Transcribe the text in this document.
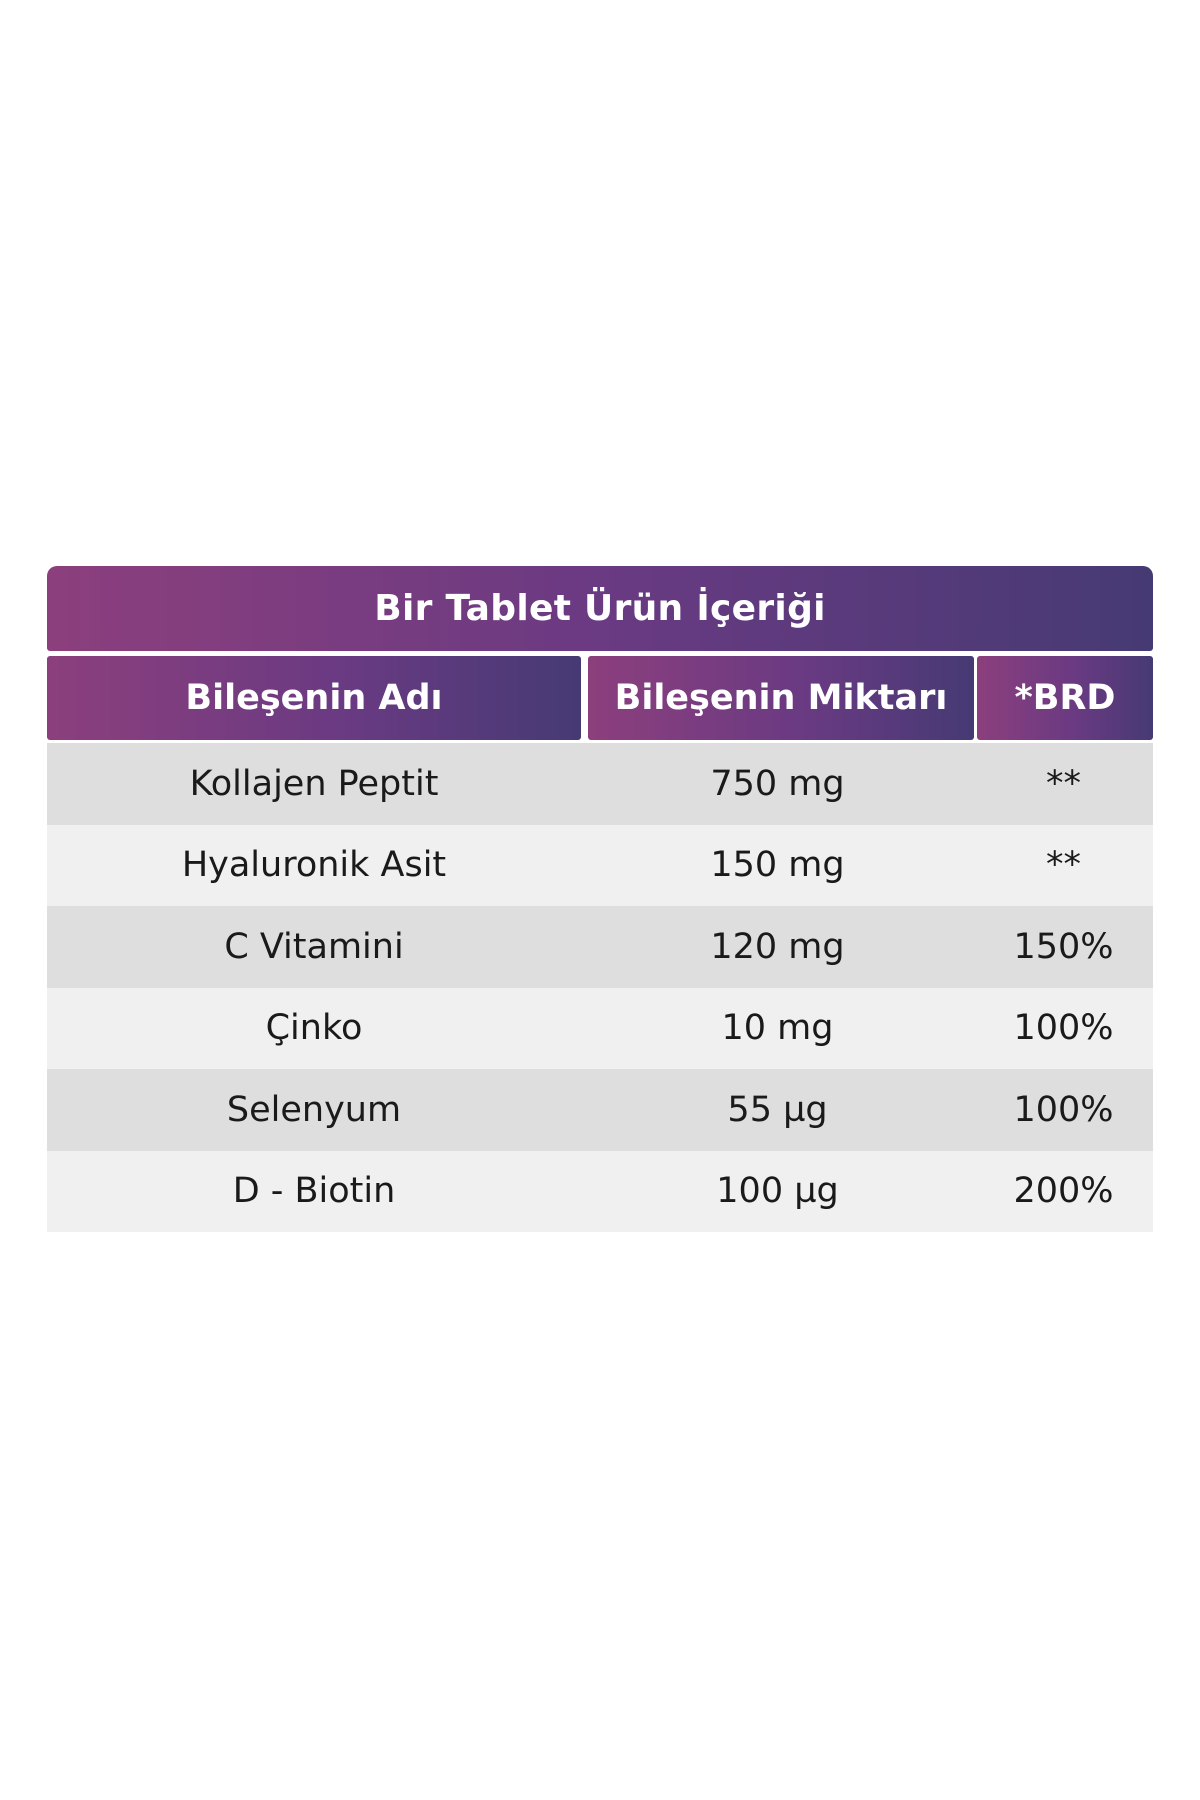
Bir Tablet Ürün İçeriği
Bileşenin Adı	Bileşenin Miktarı	*BRD
Kollajen Peptit	750 mg	**
Hyaluronik Asit	150 mg	**
C Vitamini	120 mg	150%
Çinko	10 mg	100%
Selenyum	55 µg	100%
D - Biotin	100 µg	200%
